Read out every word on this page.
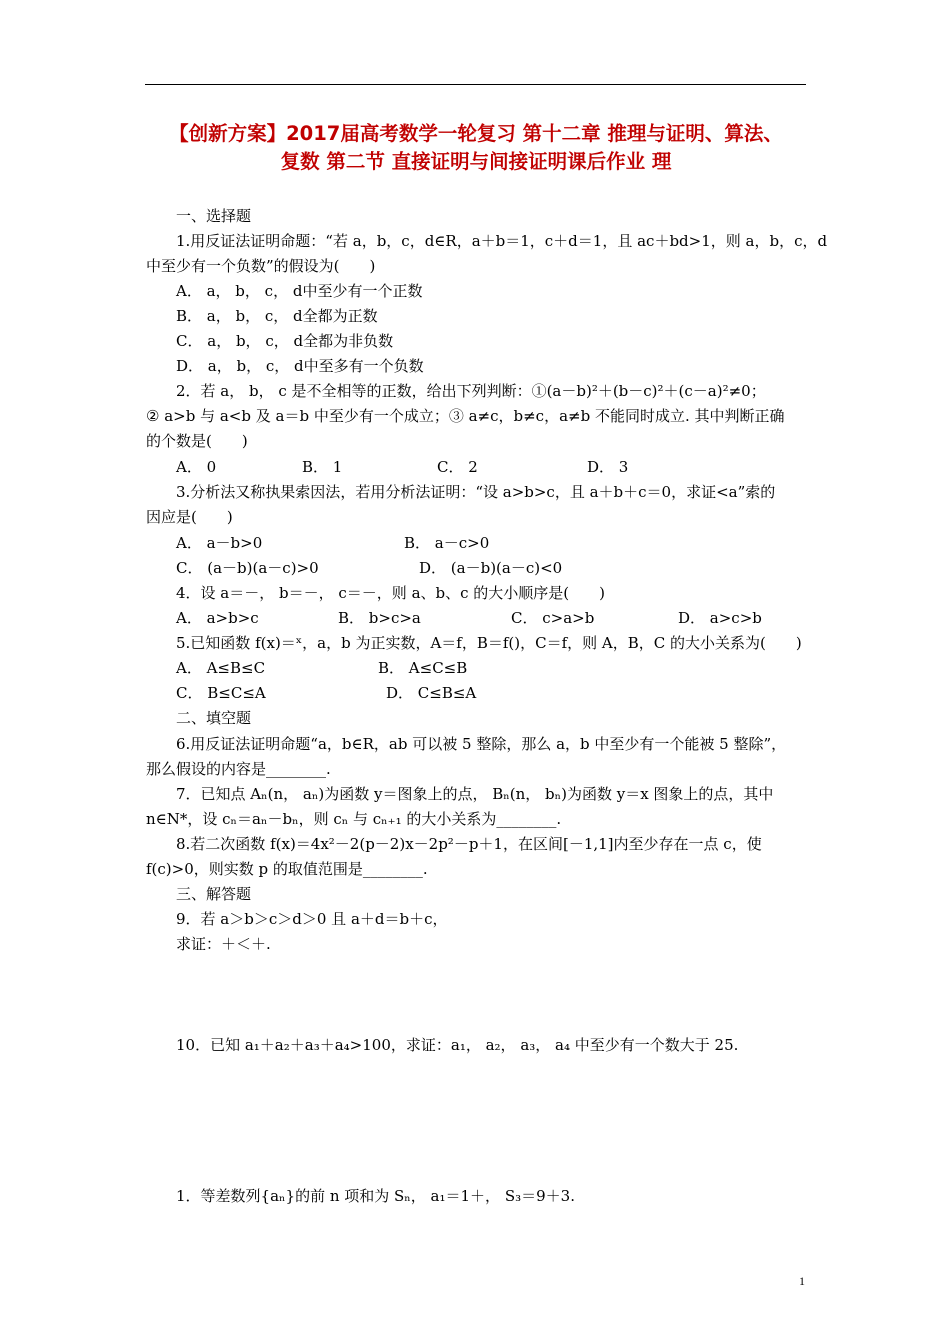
【创新方案】2017届高考数学一轮复习 第十二章 推理与证明、算法、
复数 第二节 直接证明与间接证明课后作业 理
一、选择题
1.用反证法证明命题：“若 a，b，c，d∈R，a＋b＝1，c＋d＝1，且 ac＋bd>1，则 a，b，c，d
中至少有一个负数”的假设为(　　)
A． a， b， c， d中至少有一个正数
B． a， b， c， d全都为正数
C． a， b， c， d全都为非负数
D． a， b， c， d中至多有一个负数
2．若 a， b， c 是不全相等的正数，给出下列判断：①(a－b)²＋(b－c)²＋(c－a)²≠0；
② a>b 与 a<b 及 a＝b 中至少有一个成立；③ a≠c，b≠c，a≠b 不能同时成立. 其中判断正确
的个数是(　　)
A． 0	B． 1	C． 2	D． 3
3.分析法又称执果索因法，若用分析法证明：“设 a>b>c，且 a＋b＋c＝0，求证<a”索的
因应是(　　)
A． a－b>0	B． a－c>0
C． (a－b)(a－c)>0	D． (a－b)(a－c)<0
4．设 a＝－， b＝－， c＝－，则 a、b、c 的大小顺序是(　　)
A． a>b>c	B． b>c>a	C． c>a>b	D． a>c>b
5.已知函数 f(x)＝ˣ，a，b 为正实数，A＝f，B＝f()，C＝f，则 A，B，C 的大小关系为(　　)
A． A≤B≤C	B． A≤C≤B
C． B≤C≤A	D． C≤B≤A
二、填空题
6.用反证法证明命题“a，b∈R，ab 可以被 5 整除，那么 a，b 中至少有一个能被 5 整除”，
那么假设的内容是________.
7．已知点 Aₙ(n， aₙ)为函数 y＝图象上的点， Bₙ(n， bₙ)为函数 y＝x 图象上的点，其中
n∈N*，设 cₙ＝aₙ－bₙ，则 cₙ 与 cₙ₊₁ 的大小关系为________.
8.若二次函数 f(x)＝4x²－2(p－2)x－2p²－p＋1，在区间[－1,1]内至少存在一点 c，使
f(c)>0，则实数 p 的取值范围是________.
三、解答题
9．若 a＞b＞c＞d＞0 且 a＋d＝b＋c，
求证：＋＜＋.
10．已知 a₁＋a₂＋a₃＋a₄>100，求证：a₁， a₂， a₃， a₄ 中至少有一个数大于 25.
1．等差数列{aₙ}的前 n 项和为 Sₙ， a₁＝1＋， S₃＝9＋3.
1
